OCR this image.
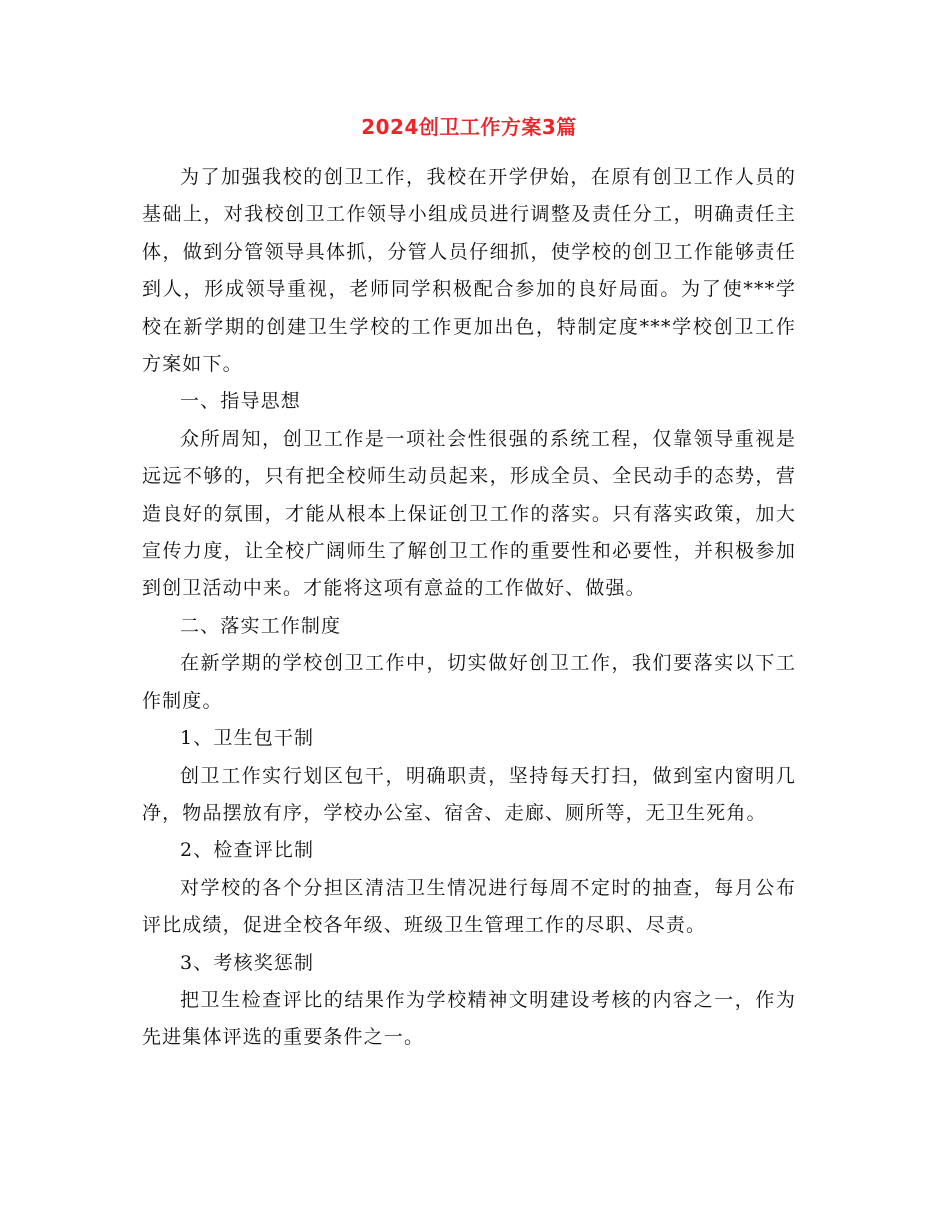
2024创卫工作方案3篇

为了加强我校的创卫工作，我校在开学伊始，在原有创卫工作人员的基础上，对我校创卫工作领导小组成员进行调整及责任分工，明确责任主体，做到分管领导具体抓，分管人员仔细抓，使学校的创卫工作能够责任到人，形成领导重视，老师同学积极配合参加的良好局面。为了使***学校在新学期的创建卫生学校的工作更加出色，特制定度***学校创卫工作方案如下。

一、指导思想

众所周知，创卫工作是一项社会性很强的系统工程，仅靠领导重视是远远不够的，只有把全校师生动员起来，形成全员、全民动手的态势，营造良好的氛围，才能从根本上保证创卫工作的落实。只有落实政策，加大宣传力度，让全校广阔师生了解创卫工作的重要性和必要性，并积极参加到创卫活动中来。才能将这项有意益的工作做好、做强。

二、落实工作制度

在新学期的学校创卫工作中，切实做好创卫工作，我们要落实以下工作制度。

1、卫生包干制

创卫工作实行划区包干，明确职责，坚持每天打扫，做到室内窗明几净，物品摆放有序，学校办公室、宿舍、走廊、厕所等，无卫生死角。

2、检查评比制

对学校的各个分担区清洁卫生情况进行每周不定时的抽查，每月公布评比成绩，促进全校各年级、班级卫生管理工作的尽职、尽责。

3、考核奖惩制

把卫生检查评比的结果作为学校精神文明建设考核的内容之一，作为先进集体评选的重要条件之一。
